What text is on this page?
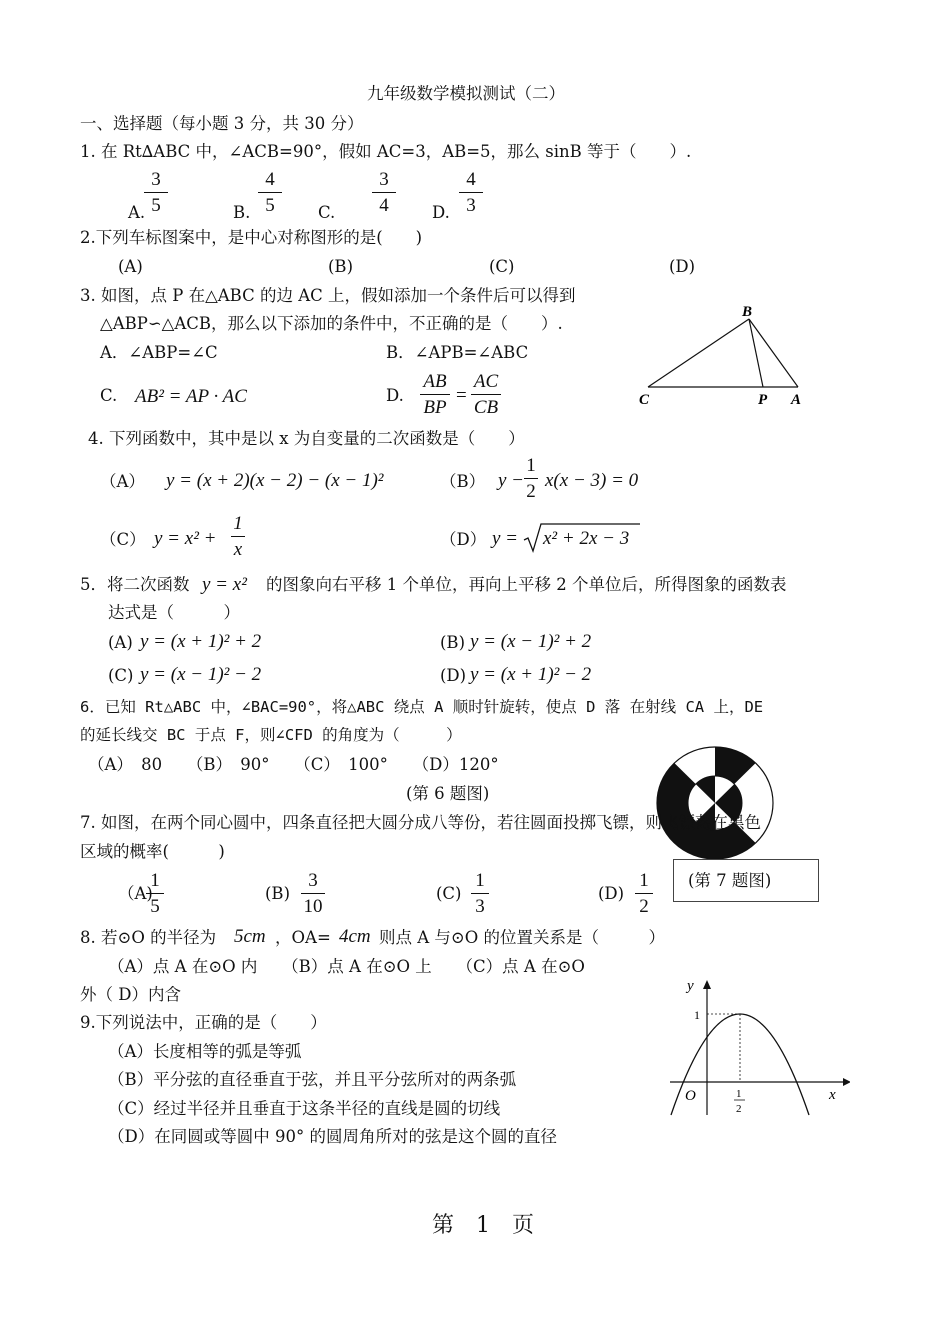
九年级数学模拟测试（二）
一、选择题（每小题 3 分，共 30 分）
1. 在 Rt∆ABC 中，∠ACB=90°，假如 AC=3，AB=5，那么 sinB 等于（　　）.
A.
3
5	B.
4
5	C.
3
4	D.
4
3
2.下列车标图案中，是中心对称图形的是(　　)
(A)	(B)	(C)	(D)
3. 如图，点 P 在△ABC 的边 AC 上，假如添加一个条件后可以得到
△ABP∽△ACB，那么以下添加的条件中，不正确的是（　　）.
A．∠ABP=∠C	B．∠APB=∠ABC
C. AB² = AP · AC	D.
AB
BP
=
AC
CB
B
C	P A
4. 下列函数中，其中是以 x 为自变量的二次函数是（　　）
（A） y = (x + 2)(x − 2) − (x − 1)²	（B） y −
1
2
x(x − 3) = 0
（C） y = x² +
1
x	（D） y = x² + 2x − 3
5．将二次函数 y = x² 的图象向右平移 1 个单位，再向上平移 2 个单位后，所得图象的函数表
达式是（　　　）
(A) y = (x + 1)² + 2	(B) y = (x − 1)² + 2
(C) y = (x − 1)² − 2	(D) y = (x + 1)² − 2
6．已知 Rt△ABC 中，∠BAC=90°，将△ABC 绕点 A 顺时针旋转，使点 D 落 在射线 CA 上，DE
的延长线交 BC 于点 F，则∠CFD 的角度为（　　　）
（A）　80　　（B）　90°　　（C）　100°　　（D）120°
(第 6 题图)
7. 如图，在两个同心圆中，四条直径把大圆分成八等份，若往圆面投掷飞镖，则飞镖落在黑色
区域的概率(　　　)
(第 7 题图)
（A)
1
5
(B)
3
10
(C)
1
3
(D)
1
2
8. 若⊙O 的半径为 5cm ，OA= 4cm 则点 A 与⊙O 的位置关系是（　　　）
（A）点 A 在⊙O 内　　（B）点 A 在⊙O 上　　（C）点 A 在⊙O
外（ D）内含
9.下列说法中，正确的是（　　）
（A）长度相等的弧是等弧
（B）平分弦的直径垂直于弦，并且平分弦所对的两条弧
（C）经过半径并且垂直于这条半径的直线是圆的切线
（D）在同圆或等圆中 90° 的圆周角所对的弦是这个圆的直径
y
x
O
1
1
2
第　1　页
